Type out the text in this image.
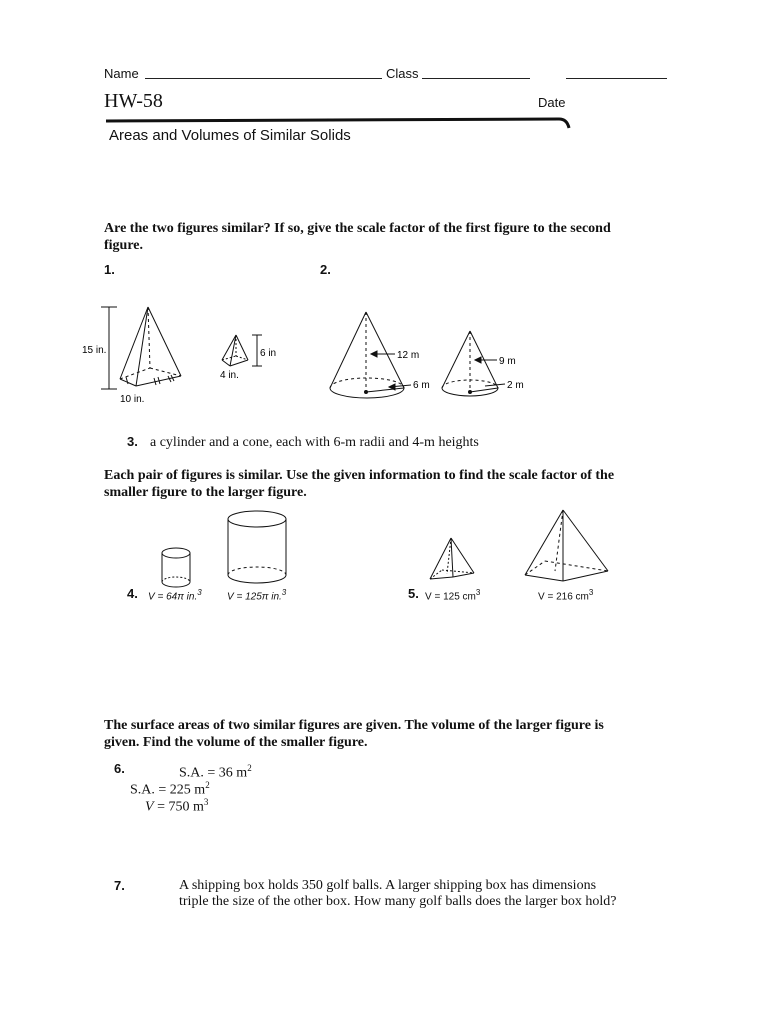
Name	Class
HW-58	Date
Areas and Volumes of Similar Solids
Are the two figures similar? If so, give the scale factor of the first figure to the second figure.
1.	2.
15 in.
10 in.
6 in
4 in.
12 m
6 m
9 m
2 m
3. a cylinder and a cone, each with 6-m radii and 4-m heights
Each pair of figures is similar. Use the given information to find the scale factor of the smaller figure to the larger figure.
4. V = 64π in.$^3$	V = 125π in.$^3$	5. V = 125 $cm^3$	V = 216 $cm^3$
The surface areas of two similar figures are given. The volume of the larger figure is given. Find the volume of the smaller figure.
6.	S.A. = 36 $m^2$
S.A. = 225 $m^2$
V = 750 $m^3$
7.	A shipping box holds 350 golf balls. A larger shipping box has dimensions
triple the size of the other box. How many golf balls does the larger box hold?
